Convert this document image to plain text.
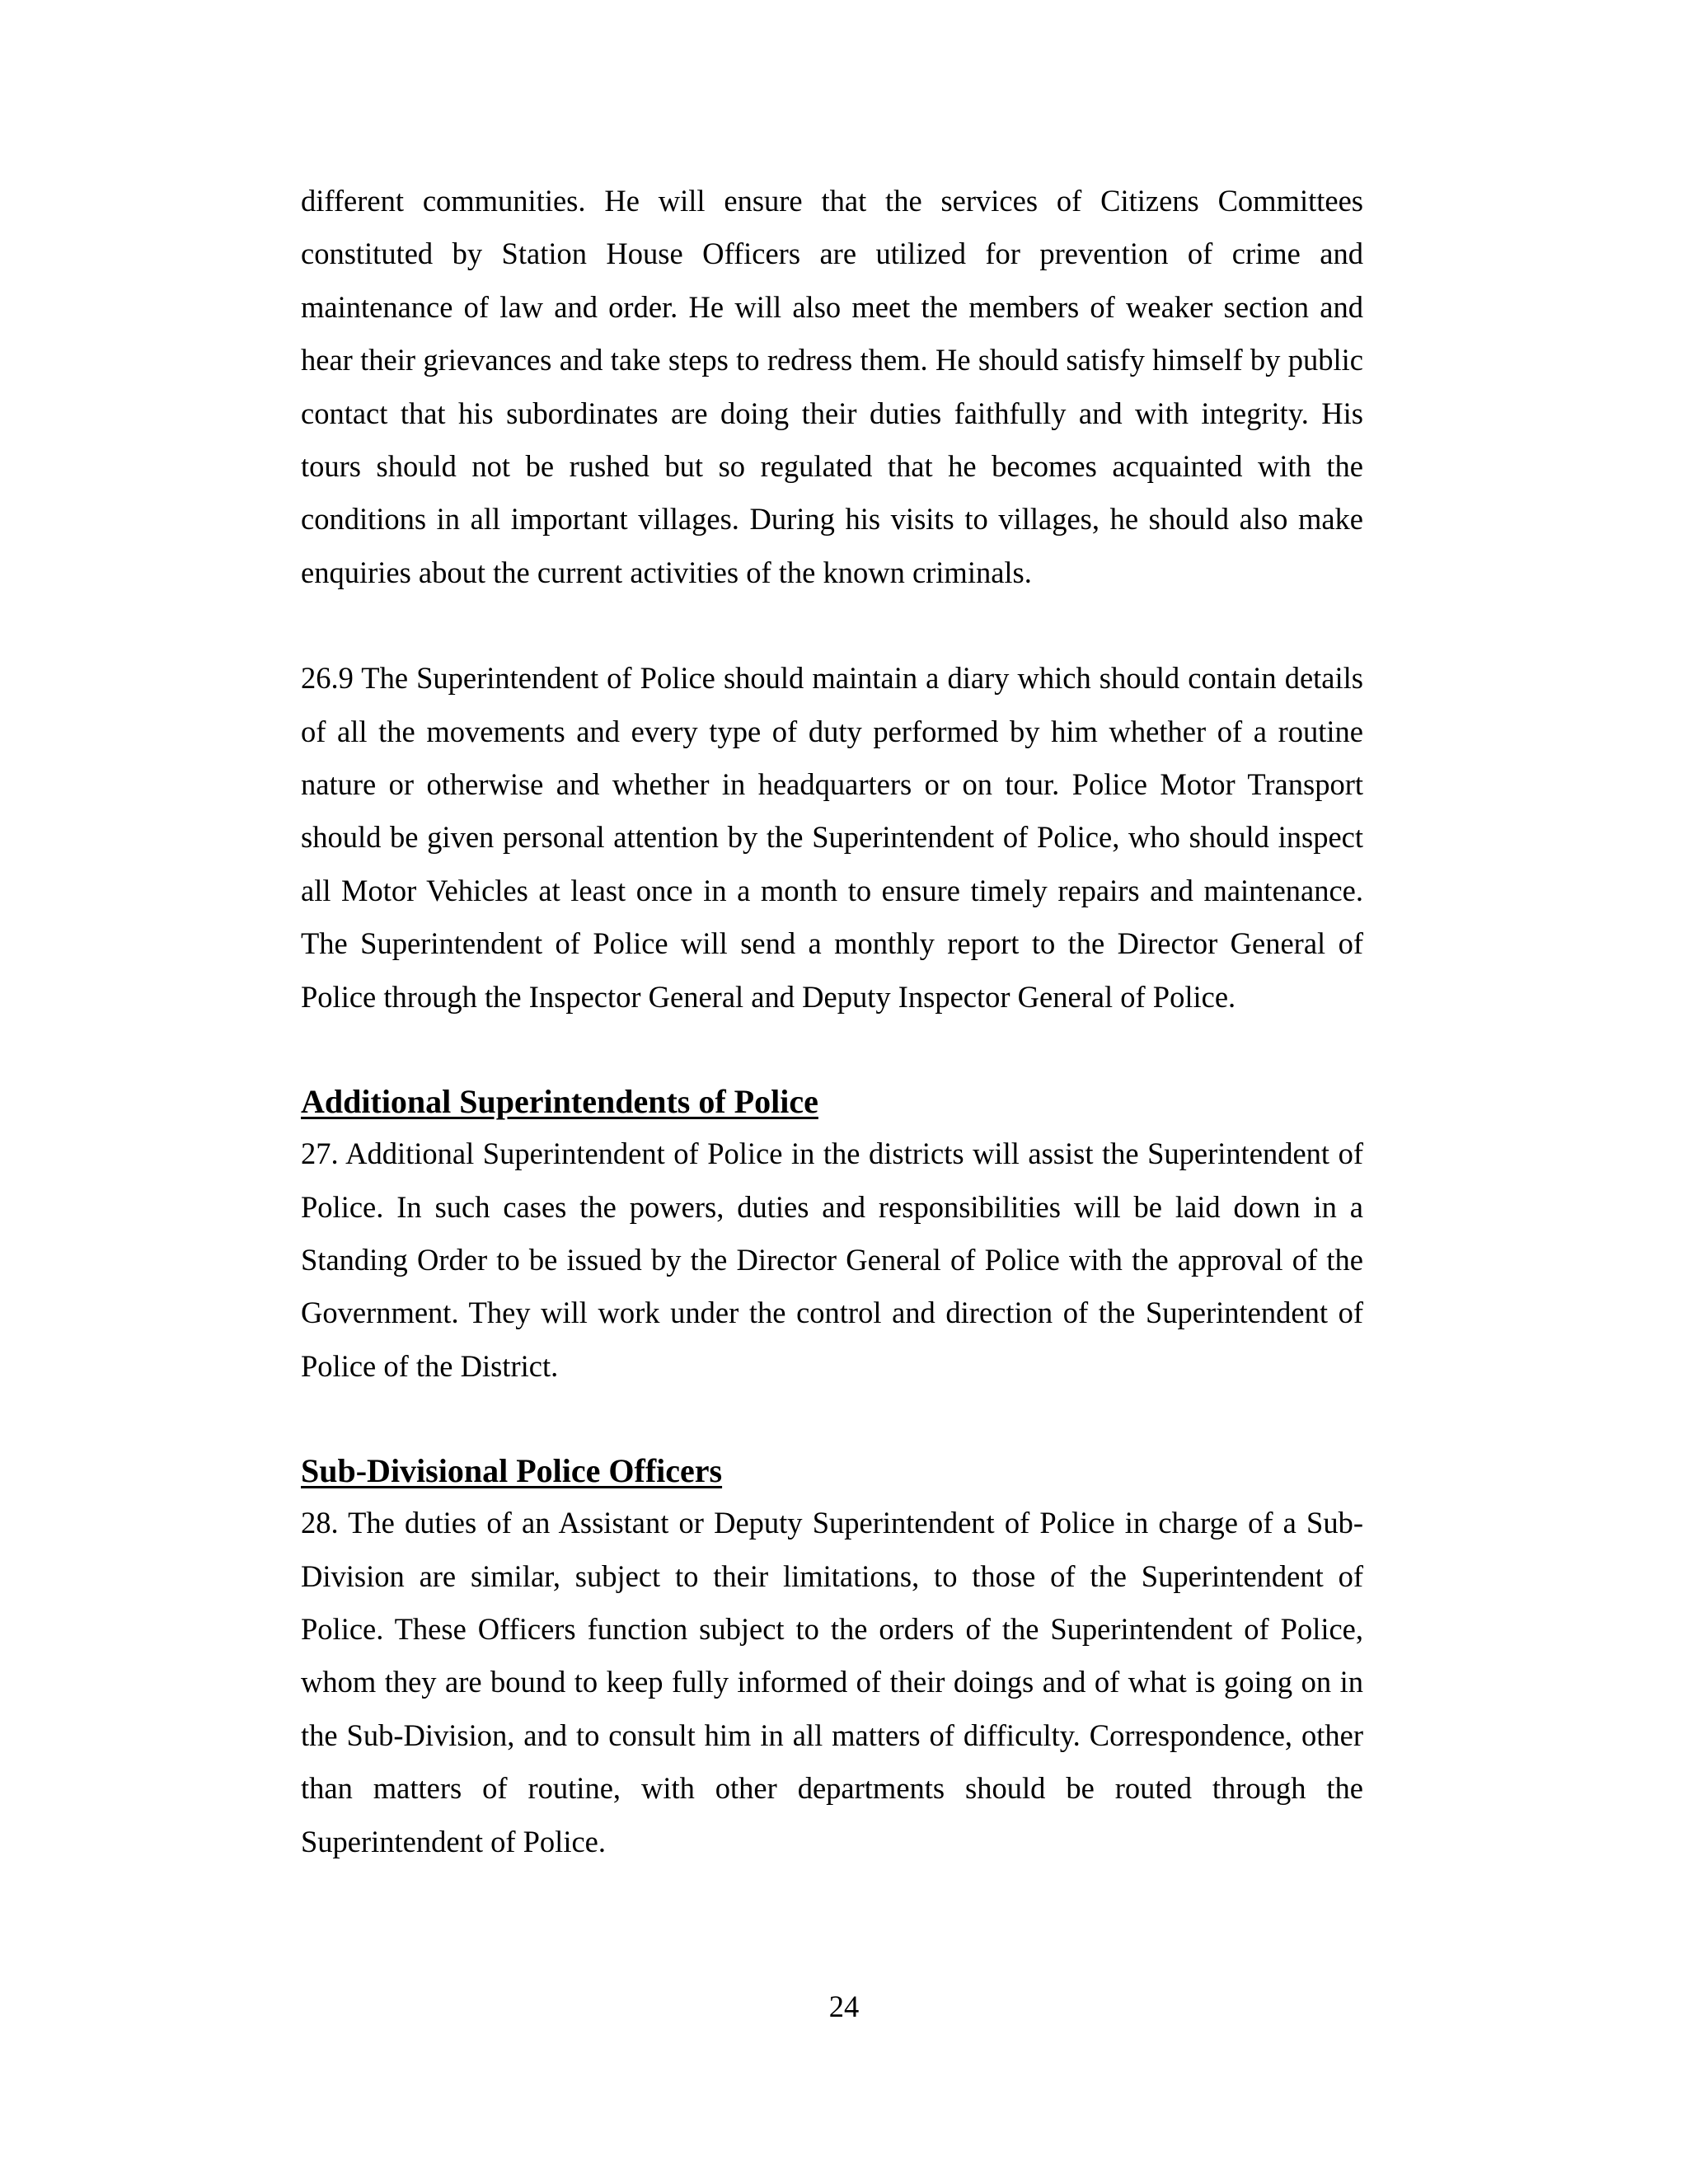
different communities. He will ensure that the services of Citizens Committees constituted by Station House Officers are utilized for prevention of crime and maintenance of law and order. He will also meet the members of weaker section and hear their grievances and take steps to redress them. He should satisfy himself by public contact that his subordinates are doing their duties faithfully and with integrity. His tours should not be rushed but so regulated that he becomes acquainted with the conditions in all important villages. During his visits to villages, he should also make enquiries about the current activities of the known criminals.

26.9 The Superintendent of Police should maintain a diary which should contain details of all the movements and every type of duty performed by him whether of a routine nature or otherwise and whether in headquarters or on tour. Police Motor Transport should be given personal attention by the Superintendent of Police, who should inspect all Motor Vehicles at least once in a month to ensure timely repairs and maintenance. The Superintendent of Police will send a monthly report to the Director General of Police through the Inspector General and Deputy Inspector General of Police.

Additional Superintendents of Police

27. Additional Superintendent of Police in the districts will assist the Superintendent of Police. In such cases the powers, duties and responsibilities will be laid down in a Standing Order to be issued by the Director General of Police with the approval of the Government. They will work under the control and direction of the Superintendent of Police of the District.

Sub-Divisional Police Officers

28. The duties of an Assistant or Deputy Superintendent of Police in charge of a Sub-Division are similar, subject to their limitations, to those of the Superintendent of Police. These Officers function subject to the orders of the Superintendent of Police, whom they are bound to keep fully informed of their doings and of what is going on in the Sub-Division, and to consult him in all matters of difficulty. Correspondence, other than matters of routine, with other departments should be routed through the Superintendent of Police.

24
